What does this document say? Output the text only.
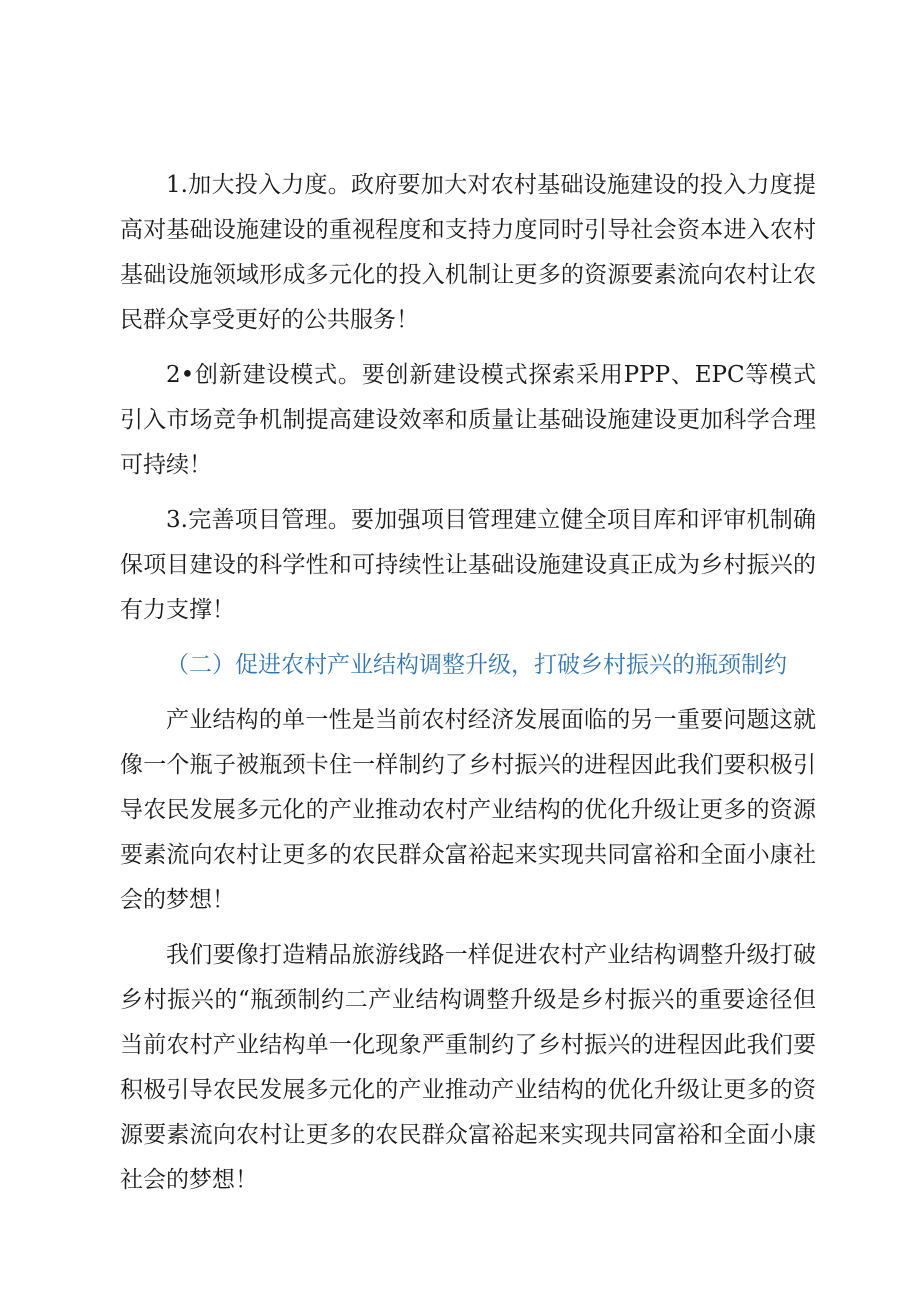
1.加大投入力度。政府要加大对农村基础设施建设的投入力度提高对基础设施建设的重视程度和支持力度同时引导社会资本进入农村基础设施领域形成多元化的投入机制让更多的资源要素流向农村让农民群众享受更好的公共服务！

2•创新建设模式。要创新建设模式探索采用PPP、EPC等模式引入市场竞争机制提高建设效率和质量让基础设施建设更加科学合理可持续！

3.完善项目管理。要加强项目管理建立健全项目库和评审机制确保项目建设的科学性和可持续性让基础设施建设真正成为乡村振兴的有力支撑！

（二）促进农村产业结构调整升级，打破乡村振兴的瓶颈制约

产业结构的单一性是当前农村经济发展面临的另一重要问题这就像一个瓶子被瓶颈卡住一样制约了乡村振兴的进程因此我们要积极引导农民发展多元化的产业推动农村产业结构的优化升级让更多的资源要素流向农村让更多的农民群众富裕起来实现共同富裕和全面小康社会的梦想！

我们要像打造精品旅游线路一样促进农村产业结构调整升级打破乡村振兴的“瓶颈制约二产业结构调整升级是乡村振兴的重要途径但当前农村产业结构单一化现象严重制约了乡村振兴的进程因此我们要积极引导农民发展多元化的产业推动产业结构的优化升级让更多的资源要素流向农村让更多的农民群众富裕起来实现共同富裕和全面小康社会的梦想！
